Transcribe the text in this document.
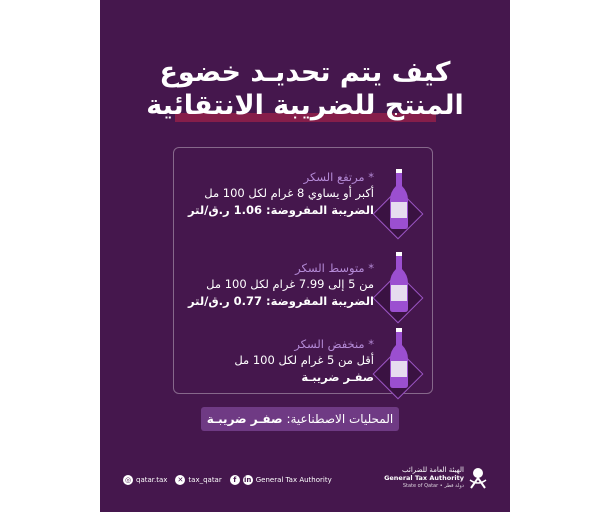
كيف يتم تحديـد خضوع
المنتج للضريبة الانتقائية
* مرتفع السكر
أكبر أو يساوي 8 غرام لكل 100 مل
الضريبة المفروضة: 1.06 ر.ق/لتر
* متوسط السكر
من 5 إلى 7.99 غرام لكل 100 مل
الضريبة المفروضة: 0.77 ر.ق/لتر
* منخفض السكر
أقل من 5 غرام لكل 100 مل
صفـر ضريبـة
المحليات الاصطناعية: صفـر ضريبـة
◎ qatar.tax ✕ tax_qatar	f	in General Tax Authority
الهيئة العامة للضرائب
General Tax Authority
State of Qatar • دولة قطر
